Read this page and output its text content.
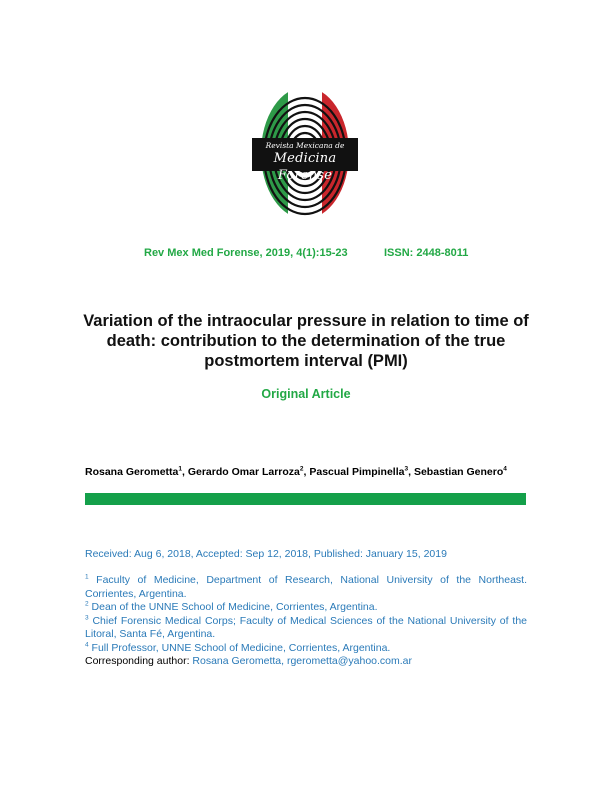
Revista Mexicana de
Medicina Forense
Rev Mex Med Forense, 2019, 4(1):15-23	ISSN: 2448-8011
Variation of the intraocular pressure in relation to time of death: contribution to the determination of the true postmortem interval (PMI)
Original Article
Rosana Gerometta$^1$, Gerardo Omar Larroza$^2$, Pascual Pimpinella$^3$, Sebastian Genero$^4$
Received: Aug 6, 2018, Accepted: Sep 12, 2018, Published: January 15, 2019

$^1$ Faculty of Medicine, Department of Research, National University of the Northeast. Corrientes, Argentina.

$^2$ Dean of the UNNE School of Medicine, Corrientes, Argentina.

$^3$ Chief Forensic Medical Corps; Faculty of Medical Sciences of the National University of the Litoral, Santa Fé, Argentina.

$^4$ Full Professor, UNNE School of Medicine, Corrientes, Argentina.

Corresponding author: Rosana Gerometta, rgerometta@yahoo.com.ar
